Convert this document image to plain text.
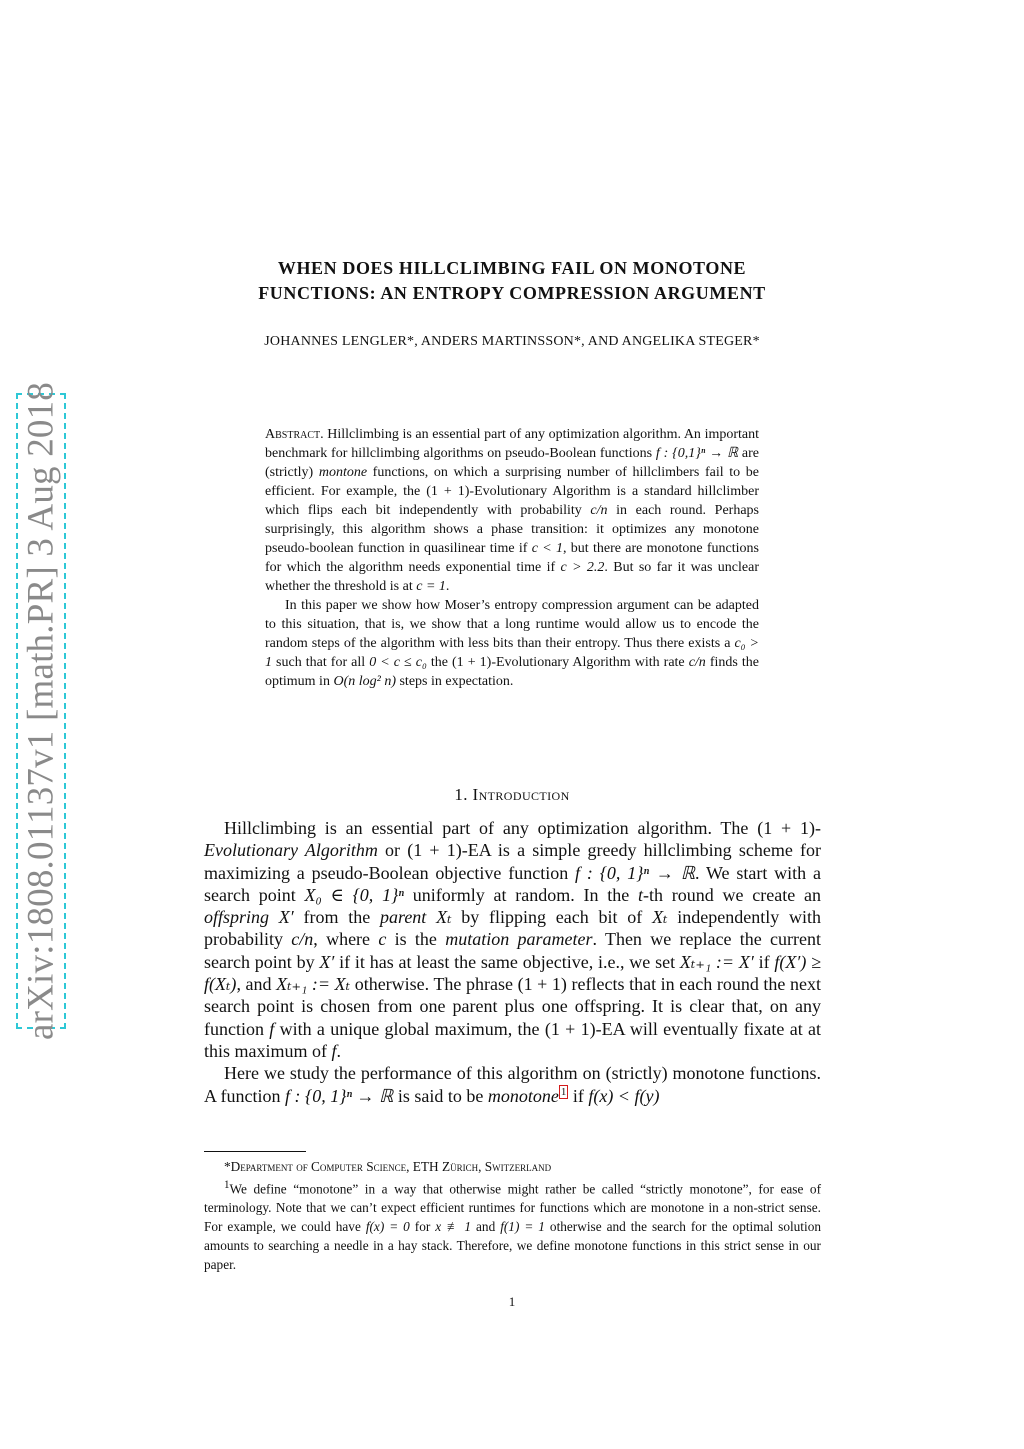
arXiv:1808.01137v1 [math.PR] 3 Aug 2018
WHEN DOES HILLCLIMBING FAIL ON MONOTONE
FUNCTIONS: AN ENTROPY COMPRESSION ARGUMENT
JOHANNES LENGLER*, ANDERS MARTINSSON*, AND ANGELIKA STEGER*

Abstract. Hillclimbing is an essential part of any optimization algorithm. An important benchmark for hillclimbing algorithms on pseudo-Boolean functions f : {0,1}ⁿ → ℝ are (strictly) montone functions, on which a surprising number of hillclimbers fail to be efficient. For example, the (1 + 1)-Evolutionary Algorithm is a standard hillclimber which flips each bit independently with probability c/n in each round. Perhaps surprisingly, this algorithm shows a phase transition: it optimizes any monotone pseudo-boolean function in quasilinear time if c < 1, but there are monotone functions for which the algorithm needs exponential time if c > 2.2. But so far it was unclear whether the threshold is at c = 1.

In this paper we show how Moser’s entropy compression argument can be adapted to this situation, that is, we show that a long runtime would allow us to encode the random steps of the algorithm with less bits than their entropy. Thus there exists a c₀ > 1 such that for all 0 < c ≤ c₀ the (1 + 1)-Evolutionary Algorithm with rate c/n finds the optimum in O(n log² n) steps in expectation.

1. Introduction

Hillclimbing is an essential part of any optimization algorithm. The (1 + 1)-Evolutionary Algorithm or (1 + 1)-EA is a simple greedy hillclimbing scheme for maximizing a pseudo-Boolean objective function f : {0, 1}ⁿ → ℝ. We start with a search point X₀ ∈ {0, 1}ⁿ uniformly at random. In the t-th round we create an offspring X′ from the parent Xₜ by flipping each bit of Xₜ independently with probability c/n, where c is the mutation parameter. Then we replace the current search point by X′ if it has at least the same objective, i.e., we set Xₜ₊₁ := X′ if f(X′) ≥ f(Xₜ), and Xₜ₊₁ := Xₜ otherwise. The phrase (1 + 1) reflects that in each round the next search point is chosen from one parent plus one offspring. It is clear that, on any function f with a unique global maximum, the (1 + 1)-EA will eventually fixate at at this maximum of f.

Here we study the performance of this algorithm on (strictly) monotone functions. A function f : {0, 1}ⁿ → ℝ is said to be monotone $^1$ if f(x) < f(y)

*Department of Computer Science, ETH Zürich, Switzerland

$^1$We define “monotone” in a way that otherwise might rather be called “strictly monotone”, for ease of terminology. Note that we can’t expect efficient runtimes for functions which are monotone in a non-strict sense. For example, we could have f(x) = 0 for x ≢ 1 and f(1) = 1 otherwise and the search for the optimal solution amounts to searching a needle in a hay stack. Therefore, we define monotone functions in this strict sense in our paper.

1
